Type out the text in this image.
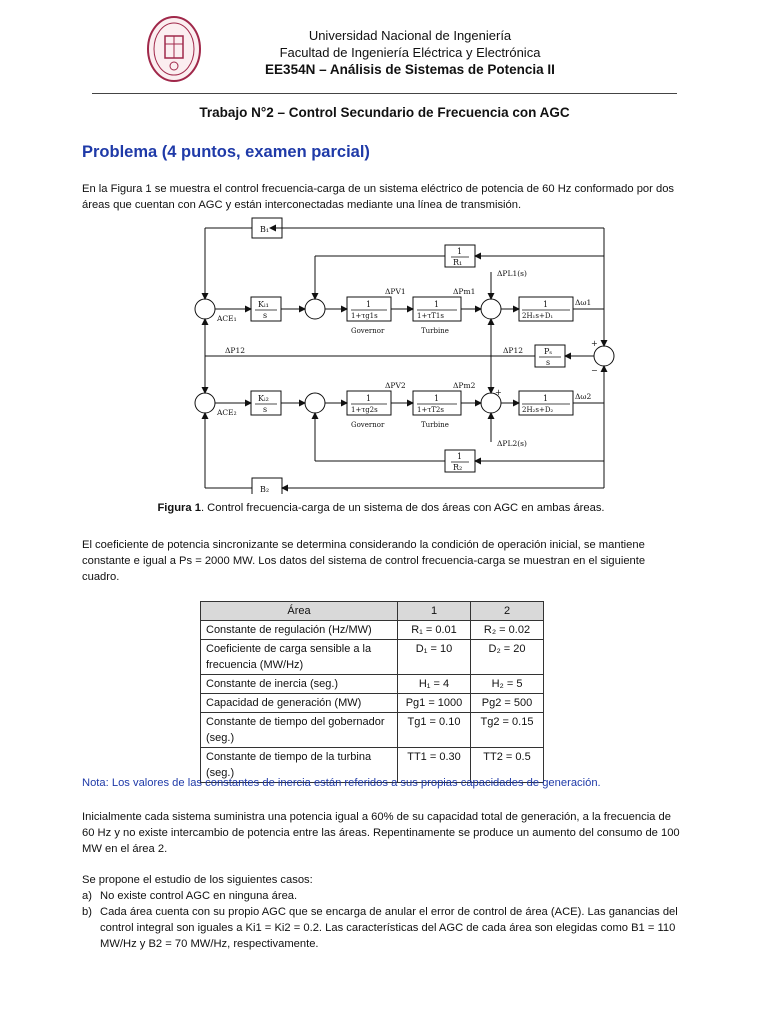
Universidad Nacional de Ingeniería
Facultad de Ingeniería Eléctrica y Electrónica
EE354N – Análisis de Sistemas de Potencia II
Trabajo N°2 – Control Secundario de Frecuencia con AGC
Problema (4 puntos, examen parcial)

En la Figura 1 se muestra el control frecuencia-carga de un sistema eléctrico de potencia de 60 Hz conformado por dos áreas que cuentan con AGC y están interconectadas mediante una línea de transmisión.

B₁
B₂
1
R₁
1
R₂
Kᵢ₁
s
Kᵢ₂
s
1
1+τg1s
1
1+τg2s
1
1+τT1s
1
1+τT2s
1
2H₁s+D₁
1
2H₂s+D₂
Pₛ
s
Governor	Turbine
Governor	Turbine
ACE₁
ACE₂
ΔPV1
ΔPV2
ΔPm1
ΔPm2
ΔPL1(s)
ΔPL2(s)
ΔP12	ΔP12
Δω1
Δω2
+
−
+
Figura 1. Control frecuencia-carga de un sistema de dos áreas con AGC en ambas áreas.

El coeficiente de potencia sincronizante se determina considerando la condición de operación inicial, se mantiene constante e igual a Ps = 2000 MW. Los datos del sistema de control frecuencia-carga se muestran en el siguiente cuadro.

Área	1	2
Constante de regulación (Hz/MW)	R₁ = 0.01	R₂ = 0.02
Coeficiente de carga sensible a la frecuencia (MW/Hz)	D₁ = 10	D₂ = 20
Constante de inercia (seg.)	H₁ = 4	H₂ = 5
Capacidad de generación (MW)	Pg1 = 1000	Pg2 = 500
Constante de tiempo del gobernador (seg.)	Tg1 = 0.10	Tg2 = 0.15
Constante de tiempo de la turbina (seg.)	TT1 = 0.30	TT2 = 0.5
Nota: Los valores de las constantes de inercia están referidos a sus propias capacidades de generación.

Inicialmente cada sistema suministra una potencia igual a 60% de su capacidad total de generación, a la frecuencia de 60 Hz y no existe intercambio de potencia entre las áreas. Repentinamente se produce un aumento del consumo de 100 MW en el área 2.

Se propone el estudio de los siguientes casos:
a) No existe control AGC en ninguna área.
b) Cada área cuenta con su propio AGC que se encarga de anular el error de control de área (ACE). Las ganancias del control integral son iguales a Ki1 = Ki2 = 0.2. Las características del AGC de cada área son elegidas como B1 = 110 MW/Hz y B2 = 70 MW/Hz, respectivamente.
